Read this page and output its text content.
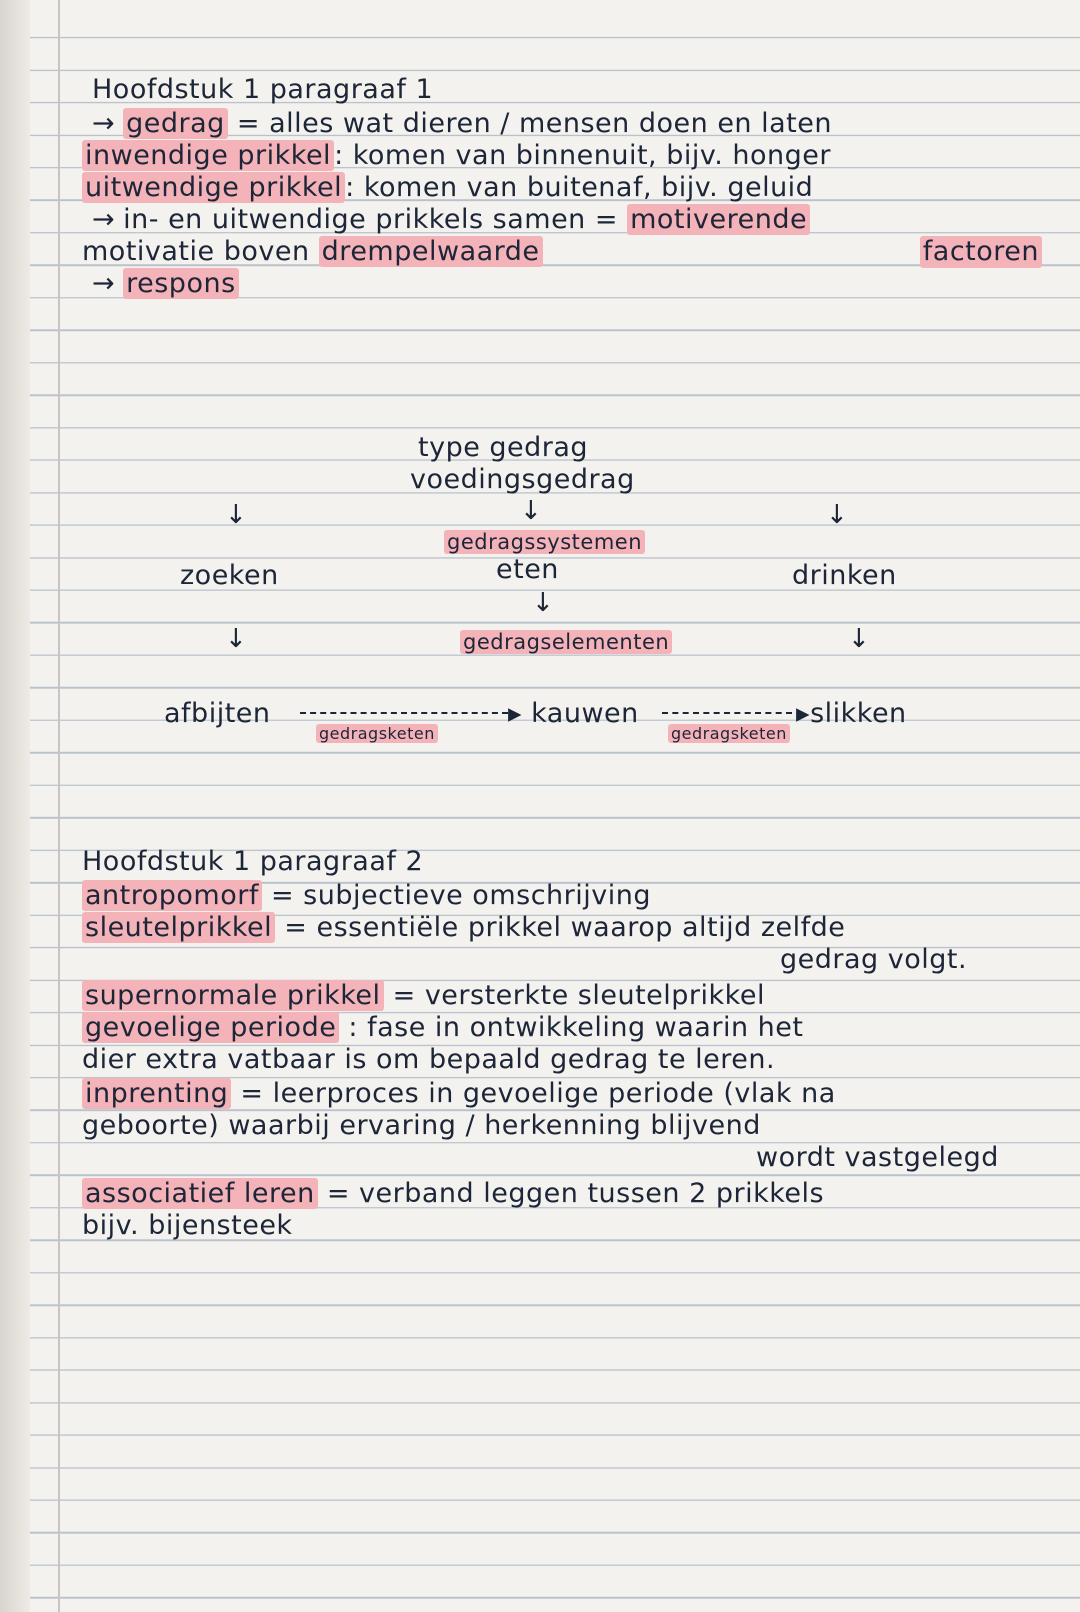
Hoofdstuk 1 paragraaf 1
→ gedrag = alles wat dieren / mensen doen en laten
inwendige prikkel : komen van binnenuit, bijv. honger
uitwendige prikkel : komen van buitenaf, bijv. geluid
→ in- en uitwendige prikkels samen = motiverende
motivatie boven drempelwaarde	factoren
→ respons
type gedrag
voedingsgedrag
↓
gedragssystemen
↓	↓
zoeken	eten	drinken
↓
gedragselementen
↓	↓
afbijten
gedragsketen
▸ kauwen
gedragsketen
▸slikken
Hoofdstuk 1 paragraaf 2
antropomorf = subjectieve omschrijving
sleutelprikkel = essentiële prikkel waarop altijd zelfde
gedrag volgt.
supernormale prikkel = versterkte sleutelprikkel
gevoelige periode : fase in ontwikkeling waarin het
dier extra vatbaar is om bepaald gedrag te leren.
inprenting = leerproces in gevoelige periode (vlak na
geboorte) waarbij ervaring / herkenning blijvend
wordt vastgelegd
associatief leren = verband leggen tussen 2 prikkels
bijv. bijensteek
